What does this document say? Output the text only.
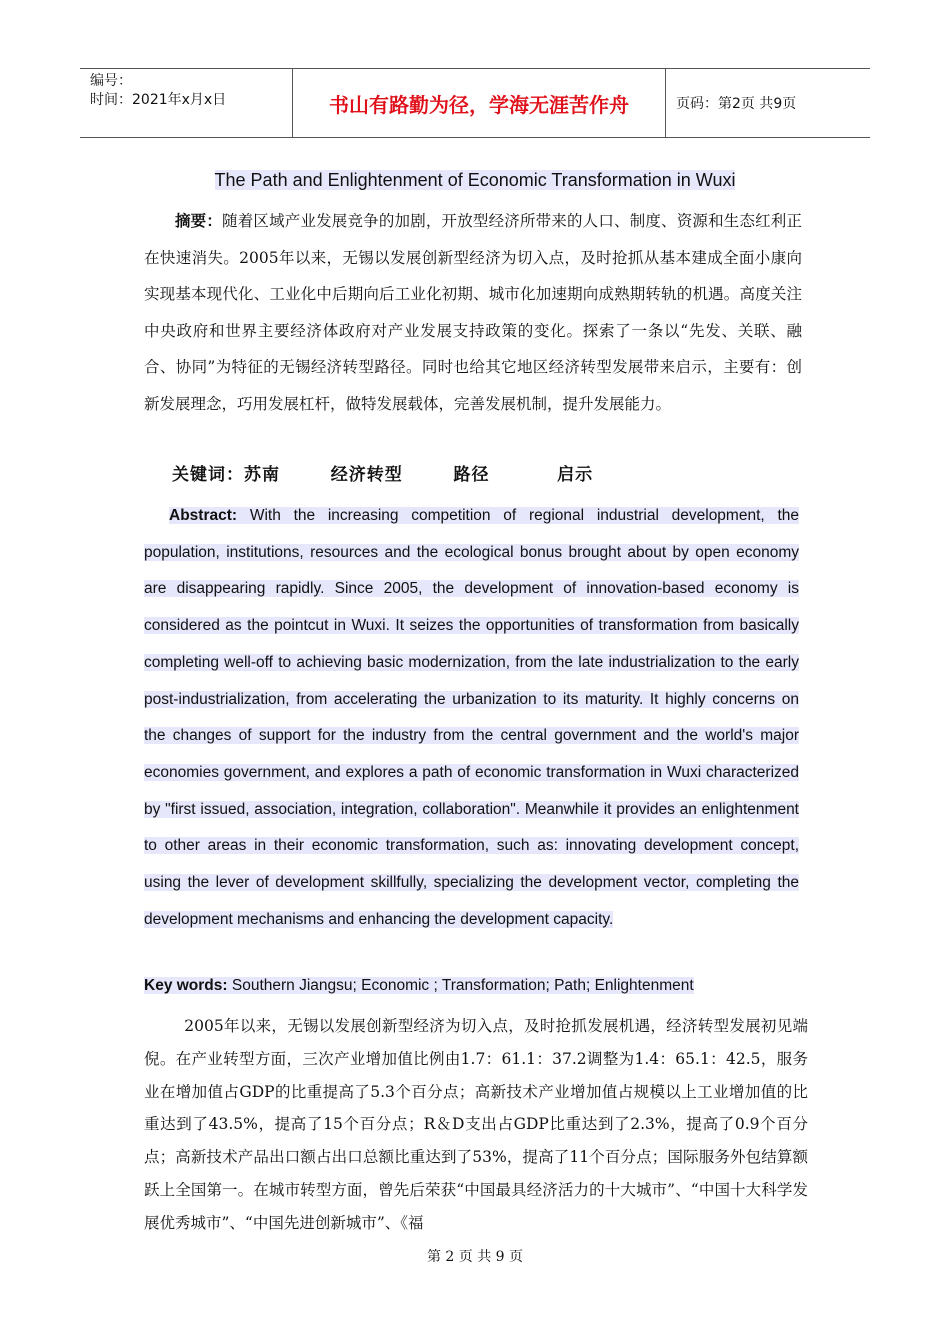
编号：
时间：2021年x月x日	书山有路勤为径，学海无涯苦作舟	页码：第2页 共9页
The Path and Enlightenment of Economic Transformation in Wuxi

摘要：随着区域产业发展竞争的加剧，开放型经济所带来的人口、制度、资源和生态红利正在快速消失。2005年以来，无锡以发展创新型经济为切入点，及时抢抓从基本建成全面小康向实现基本现代化、工业化中后期向后工业化初期、城市化加速期向成熟期转轨的机遇。高度关注中央政府和世界主要经济体政府对产业发展支持政策的变化。探索了一条以“先发、关联、融合、协同”为特征的无锡经济转型路径。同时也给其它地区经济转型发展带来启示，主要有：创新发展理念，巧用发展杠杆，做特发展载体，完善发展机制，提升发展能力。

关键词：苏南   经济转型   路径    启示

Abstract: With the increasing competition of regional industrial development, the population, institutions, resources and the ecological bonus brought about by open economy are disappearing rapidly. Since 2005, the development of innovation-based economy is considered as the pointcut in Wuxi. It seizes the opportunities of transformation from basically completing well-off to achieving basic modernization, from the late industrialization to the early post-industrialization, from accelerating the urbanization to its maturity. It highly concerns on the changes of support for the industry from the central government and the world's major economies government, and explores a path of economic transformation in Wuxi characterized by "first issued, association, integration, collaboration". Meanwhile it provides an enlightenment to other areas in their economic transformation, such as: innovating development concept, using the lever of development skillfully, specializing the development vector, completing the development mechanisms and enhancing the development capacity.

Key words: Southern Jiangsu; Economic ; Transformation; Path; Enlightenment

2005年以来，无锡以发展创新型经济为切入点，及时抢抓发展机遇，经济转型发展初见端倪。在产业转型方面，三次产业增加值比例由1.7：61.1：37.2调整为1.4：65.1：42.5，服务业在增加值占GDP的比重提高了5.3个百分点；高新技术产业增加值占规模以上工业增加值的比重达到了43.5%，提高了15个百分点；R＆D支出占GDP比重达到了2.3%，提高了0.9个百分点；高新技术产品出口额占出口总额比重达到了53%，提高了11个百分点；国际服务外包结算额跃上全国第一。在城市转型方面，曾先后荣获“中国最具经济活力的十大城市”、“中国十大科学发展优秀城市”、“中国先进创新城市”、《福

第 2 页 共 9 页
